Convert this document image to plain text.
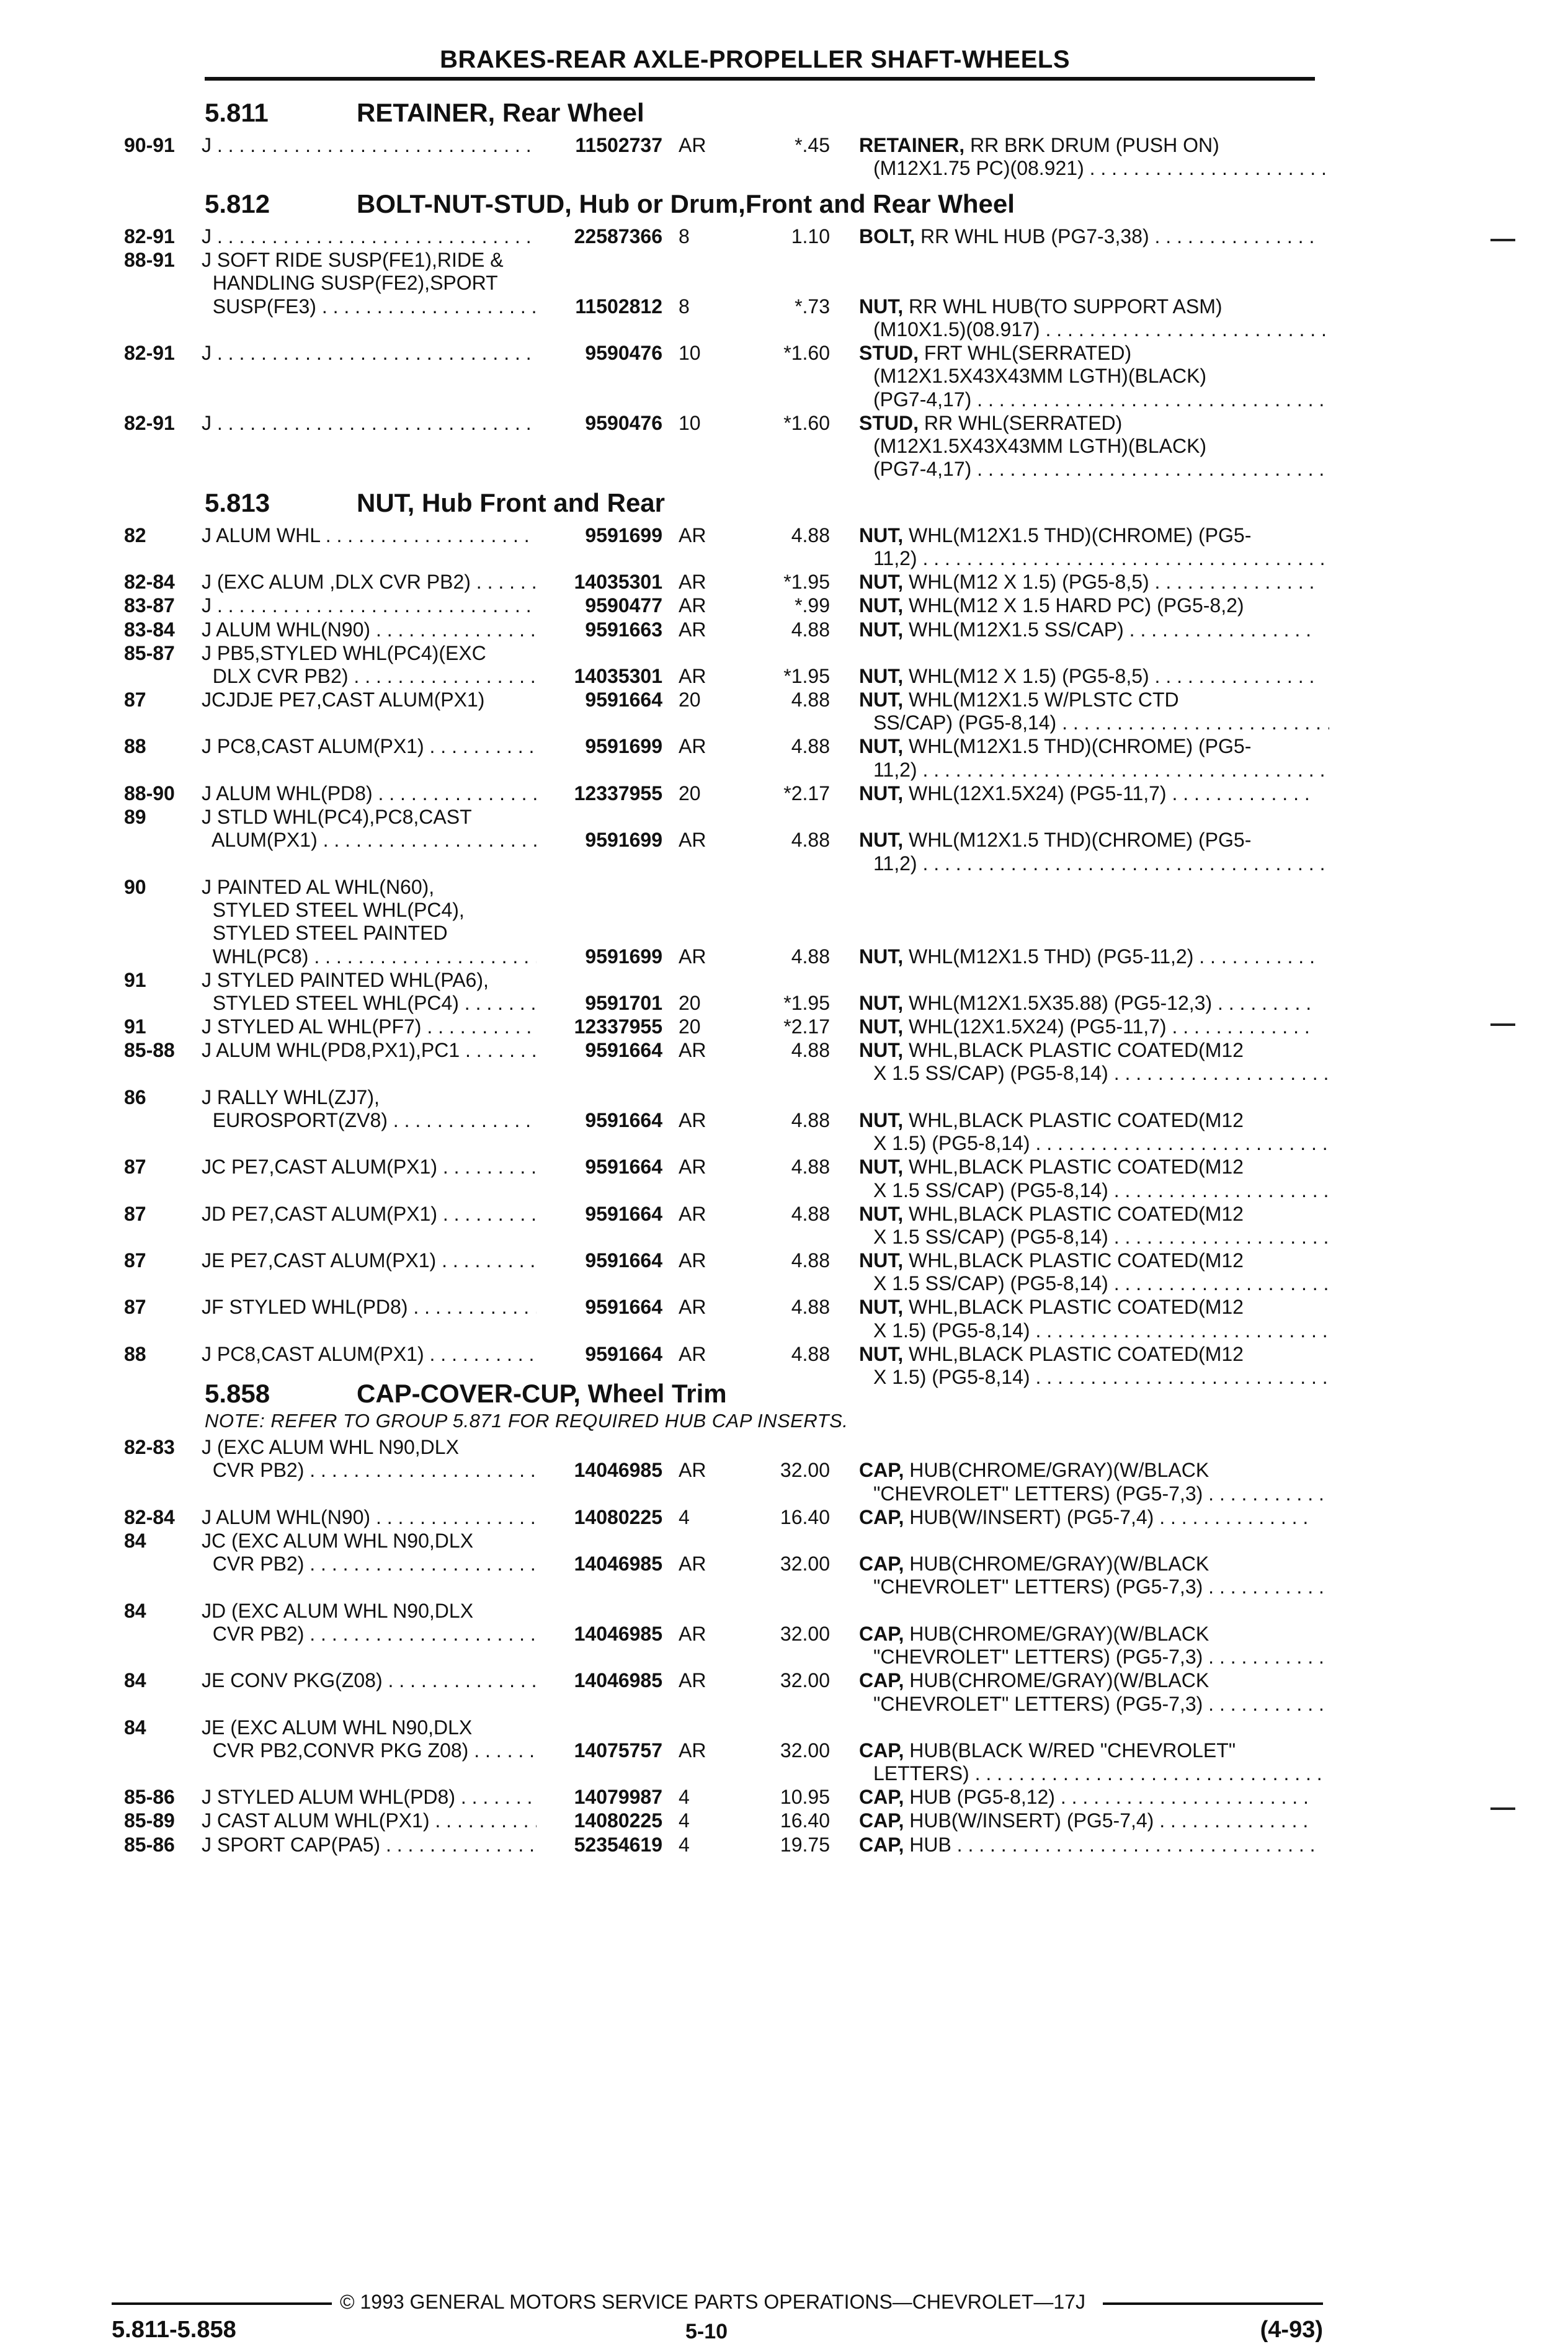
BRAKES-REAR AXLE-PROPELLER SHAFT-WHEELS
5.811	RETAINER, Rear Wheel
90-91 J . . .	11502737 AR	*.45 RETAINER, RR BRK DRUM (PUSH ON)
(M12X1.75 PC)(08.921) . . .
5.812	BOLT-NUT-STUD, Hub or Drum,Front and Rear Wheel
82-91 J . . .	22587366 8	1.10 BOLT, RR WHL HUB (PG7-3,38) . . .
88-91 J SOFT RIDE SUSP(FE1),RIDE &
HANDLING SUSP(FE2),SPORT
SUSP(FE3) . . .	11502812 8	*.73 NUT, RR WHL HUB(TO SUPPORT ASM)
(M10X1.5)(08.917) . . .
82-91 J . . .	9590476 10	*1.60 STUD, FRT WHL(SERRATED)
(M12X1.5X43X43MM LGTH)(BLACK)
(PG7-4,17) . . .
82-91 J . . .	9590476 10	*1.60 STUD, RR WHL(SERRATED)
(M12X1.5X43X43MM LGTH)(BLACK)
(PG7-4,17) . . .
5.813	NUT, Hub Front and Rear
82	J ALUM WHL . . .	9591699 AR	4.88 NUT, WHL(M12X1.5 THD)(CHROME) (PG5-
11,2) . . .
82-84 J (EXC ALUM ,DLX CVR PB2) . . .	14035301 AR	*1.95 NUT, WHL(M12 X 1.5) (PG5-8,5) . . .
83-87 J . . .	9590477 AR	*.99 NUT, WHL(M12 X 1.5 HARD PC) (PG5-8,2)
83-84 J ALUM WHL(N90) . . .	9591663 AR	4.88 NUT, WHL(M12X1.5 SS/CAP) . . .
85-87 J PB5,STYLED WHL(PC4)(EXC
DLX CVR PB2) . . .	14035301 AR	*1.95 NUT, WHL(M12 X 1.5) (PG5-8,5) . . .
87	JCJDJE PE7,CAST ALUM(PX1)	9591664 20	4.88 NUT, WHL(M12X1.5 W/PLSTC CTD
SS/CAP) (PG5-8,14) . . .
88	J PC8,CAST ALUM(PX1) . . .	9591699 AR	4.88 NUT, WHL(M12X1.5 THD)(CHROME) (PG5-
11,2) . . .
88-90 J ALUM WHL(PD8) . . .	12337955 20	*2.17 NUT, WHL(12X1.5X24) (PG5-11,7) . . .
89	J STLD WHL(PC4),PC8,CAST
ALUM(PX1) . . .	9591699 AR	4.88 NUT, WHL(M12X1.5 THD)(CHROME) (PG5-
11,2) . . .
90	J PAINTED AL WHL(N60),
STYLED STEEL WHL(PC4),
STYLED STEEL PAINTED
WHL(PC8) . . .	9591699 AR	4.88 NUT, WHL(M12X1.5 THD) (PG5-11,2) . . .
91	J STYLED PAINTED WHL(PA6),
STYLED STEEL WHL(PC4) . . .	9591701 20	*1.95 NUT, WHL(M12X1.5X35.88) (PG5-12,3) . . .
91	J STYLED AL WHL(PF7) . . .	12337955 20	*2.17 NUT, WHL(12X1.5X24) (PG5-11,7) . . .
85-88 J ALUM WHL(PD8,PX1),PC1 . . .	9591664 AR	4.88 NUT, WHL,BLACK PLASTIC COATED(M12
X 1.5 SS/CAP) (PG5-8,14) . . .
86	J RALLY WHL(ZJ7),
EUROSPORT(ZV8) . . .	9591664 AR	4.88 NUT, WHL,BLACK PLASTIC COATED(M12
X 1.5) (PG5-8,14) . . .
87	JC PE7,CAST ALUM(PX1) . . .	9591664 AR	4.88 NUT, WHL,BLACK PLASTIC COATED(M12
X 1.5 SS/CAP) (PG5-8,14) . . .
87	JD PE7,CAST ALUM(PX1) . . .	9591664 AR	4.88 NUT, WHL,BLACK PLASTIC COATED(M12
X 1.5 SS/CAP) (PG5-8,14) . . .
87	JE PE7,CAST ALUM(PX1) . . .	9591664 AR	4.88 NUT, WHL,BLACK PLASTIC COATED(M12
X 1.5 SS/CAP) (PG5-8,14) . . .
87	JF STYLED WHL(PD8) . . .	9591664 AR	4.88 NUT, WHL,BLACK PLASTIC COATED(M12
X 1.5) (PG5-8,14) . . .
88	J PC8,CAST ALUM(PX1) . . .	9591664 AR	4.88 NUT, WHL,BLACK PLASTIC COATED(M12
X 1.5) (PG5-8,14) . . .
5.858	CAP-COVER-CUP, Wheel Trim
NOTE: REFER TO GROUP 5.871 FOR REQUIRED HUB CAP INSERTS.
82-83 J (EXC ALUM WHL N90,DLX
CVR PB2) . . .	14046985 AR	32.00 CAP, HUB(CHROME/GRAY)(W/BLACK
"CHEVROLET" LETTERS) (PG5-7,3) . . .
82-84 J ALUM WHL(N90) . . .	14080225 4	16.40 CAP, HUB(W/INSERT) (PG5-7,4) . . .
84	JC (EXC ALUM WHL N90,DLX
CVR PB2) . . .	14046985 AR	32.00 CAP, HUB(CHROME/GRAY)(W/BLACK
"CHEVROLET" LETTERS) (PG5-7,3) . . .
84	JD (EXC ALUM WHL N90,DLX
CVR PB2) . . .	14046985 AR	32.00 CAP, HUB(CHROME/GRAY)(W/BLACK
"CHEVROLET" LETTERS) (PG5-7,3) . . .
84	JE CONV PKG(Z08) . . .	14046985 AR	32.00 CAP, HUB(CHROME/GRAY)(W/BLACK
"CHEVROLET" LETTERS) (PG5-7,3) . . .
84	JE (EXC ALUM WHL N90,DLX
CVR PB2,CONVR PKG Z08) . . .	14075757 AR	32.00 CAP, HUB(BLACK W/RED "CHEVROLET"
LETTERS) . . .
85-86 J STYLED ALUM WHL(PD8) . . .	14079987 4	10.95 CAP, HUB (PG5-8,12) . . .
85-89 J CAST ALUM WHL(PX1) . . .	14080225 4	16.40 CAP, HUB(W/INSERT) (PG5-7,4) . . .
85-86 J SPORT CAP(PA5) . . .	52354619 4	19.75 CAP, HUB . . .
© 1993 GENERAL MOTORS SERVICE PARTS OPERATIONS—CHEVROLET—17J
5.811-5.858	5-10	(4-93)
